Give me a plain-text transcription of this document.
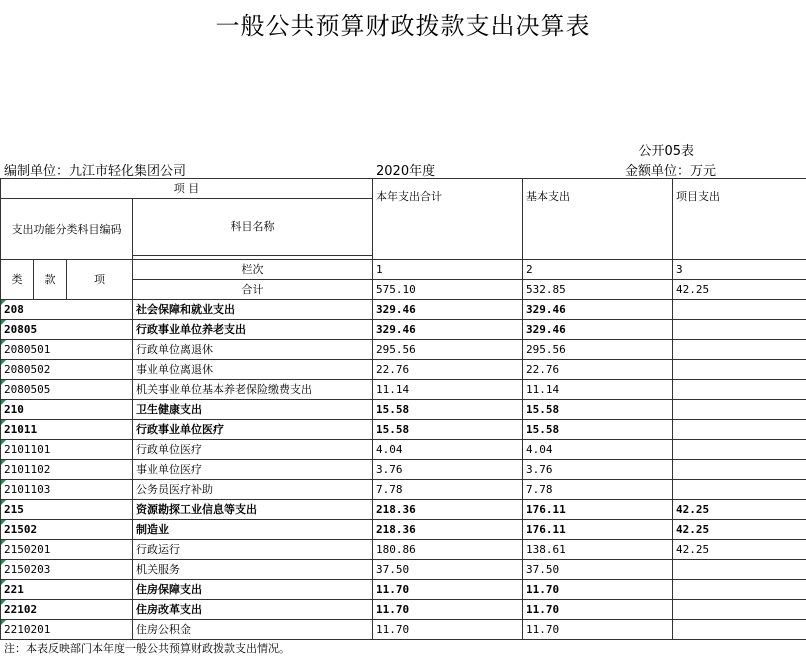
一般公共预算财政拨款支出决算表
公开05表
编制单位：九江市轻化集团公司	2020年度	金额单位：万元
项 目				本年支出合计	基本支出	项目支出
支出功能分类科目编码			科目名称			

类	款	项	栏次	1	2	3
			合计	575.10	532.85	42.25
208			社会保障和就业支出	329.46	329.46	
20805			行政事业单位养老支出	329.46	329.46	
2080501			行政单位离退休	295.56	295.56	
2080502			事业单位离退休	22.76	22.76	
2080505			机关事业单位基本养老保险缴费支出	11.14	11.14	
210			卫生健康支出	15.58	15.58	
21011			行政事业单位医疗	15.58	15.58	
2101101			行政单位医疗	4.04	4.04	
2101102			事业单位医疗	3.76	3.76	
2101103			公务员医疗补助	7.78	7.78	
215			资源勘探工业信息等支出	218.36	176.11	42.25
21502			制造业	218.36	176.11	42.25
2150201			行政运行	180.86	138.61	42.25
2150203			机关服务	37.50	37.50	
221			住房保障支出	11.70	11.70	
22102			住房改革支出	11.70	11.70	
2210201			住房公积金	11.70	11.70	
注：本表反映部门本年度一般公共预算财政拨款支出情况。
